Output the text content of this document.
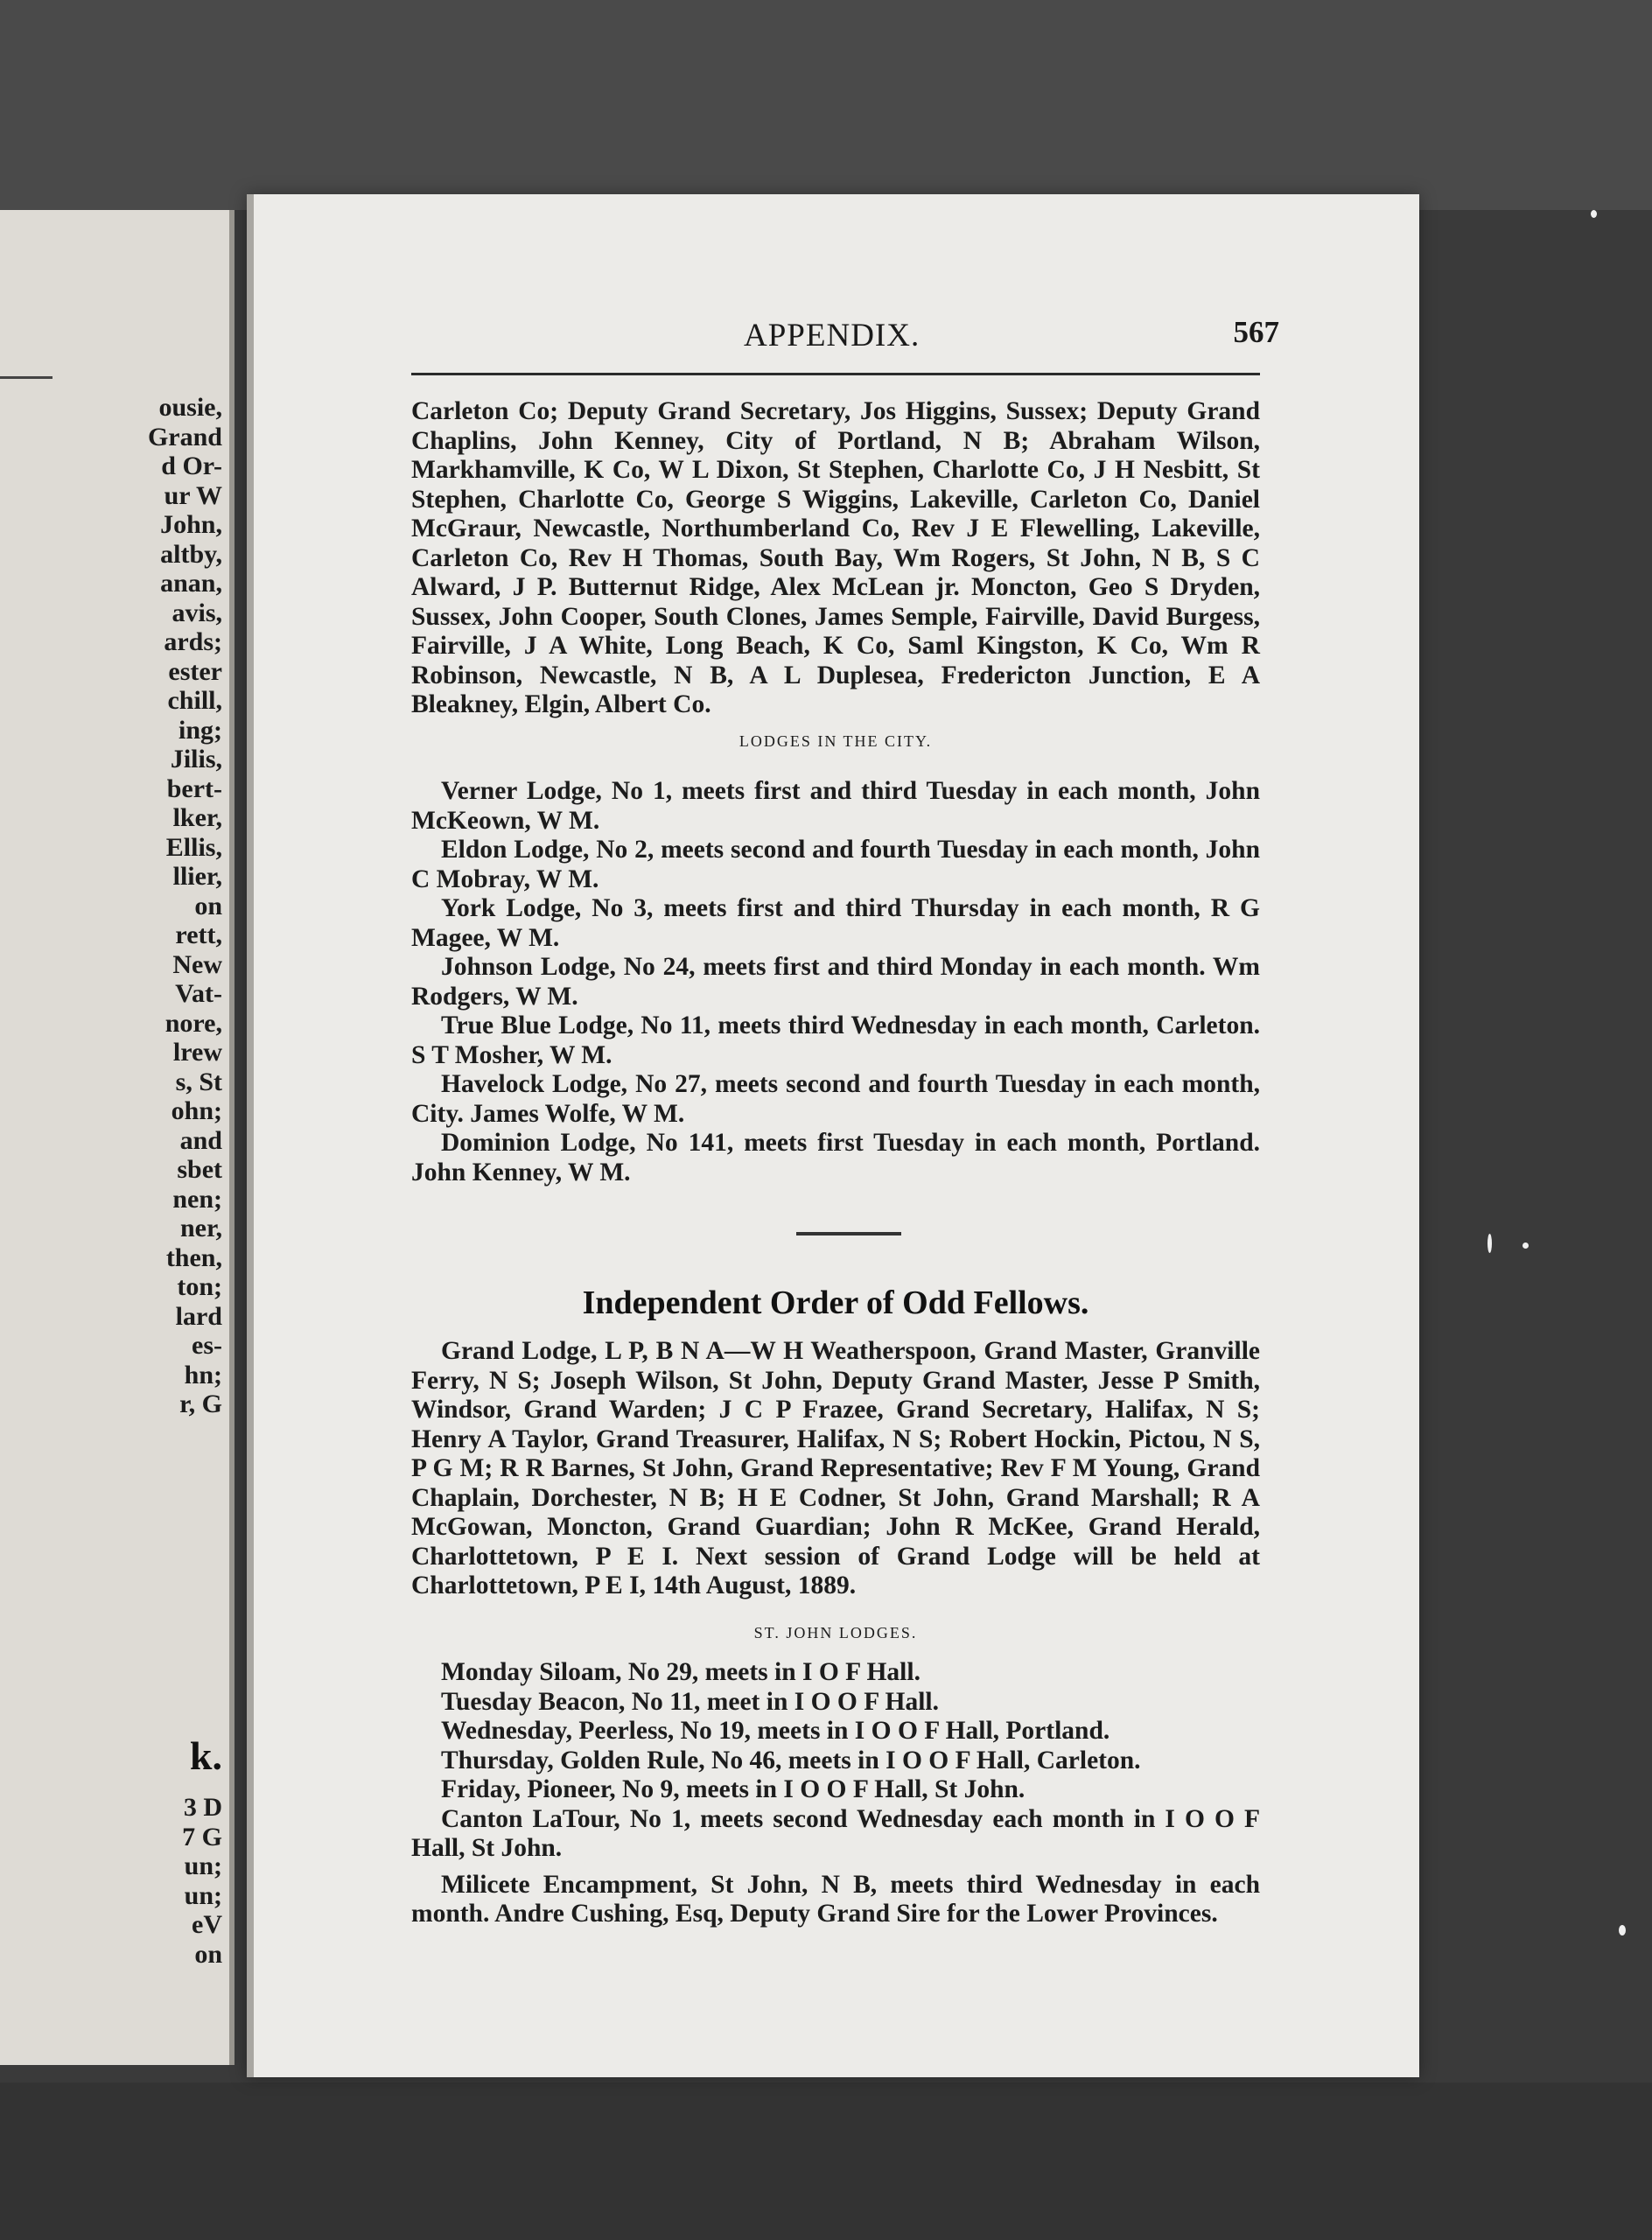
ousie,
Grand
d Or-
ur W
John,
altby,
anan,
avis,
ards;
ester
chill,
ing;
Jilis,
bert-
lker,
Ellis,
llier,
on
rett,
New
Vat-
nore,
lrew
s, St
ohn;
and
sbet
nen;
ner,
then,
ton;
lard
es-
hn;
r, G
3 D
7 G
un;
un;
eV
on
k.
APPENDIX.	567

Carleton Co; Deputy Grand Secretary, Jos Higgins, Sussex; Deputy Grand Chaplins, John Kenney, City of Portland, N B; Abraham Wilson, Markhamville, K Co, W L Dixon, St Stephen, Charlotte Co, J H Nesbitt, St Stephen, Charlotte Co, George S Wiggins, Lakeville, Carleton Co, Daniel McGraur, Newcastle, Northumberland Co, Rev J E Flewelling, Lakeville, Carleton Co, Rev H Thomas, South Bay, Wm Rogers, St John, N B, S C Alward, J P. Butternut Ridge, Alex McLean jr. Moncton, Geo S Dryden, Sussex, John Cooper, South Clones, James Semple, Fairville, David Burgess, Fairville, J A White, Long Beach, K Co, Saml Kingston, K Co, Wm R Robinson, Newcastle, N B, A L Duplesea, Fredericton Junction, E A Bleakney, Elgin, Albert Co.

LODGES IN THE CITY.

Verner Lodge, No 1, meets first and third Tuesday in each month, John McKeown, W M.

Eldon Lodge, No 2, meets second and fourth Tuesday in each month, John C Mobray, W M.

York Lodge, No 3, meets first and third Thursday in each month, R G Magee, W M.

Johnson Lodge, No 24, meets first and third Monday in each month. Wm Rodgers, W M.

True Blue Lodge, No 11, meets third Wednesday in each month, Carleton. S T Mosher, W M.

Havelock Lodge, No 27, meets second and fourth Tuesday in each month, City. James Wolfe, W M.

Dominion Lodge, No 141, meets first Tuesday in each month, Portland. John Kenney, W M.

Independent Order of Odd Fellows.

Grand Lodge, L P, B N A—W H Weatherspoon, Grand Master, Granville Ferry, N S; Joseph Wilson, St John, Deputy Grand Master, Jesse P Smith, Windsor, Grand Warden; J C P Frazee, Grand Secretary, Halifax, N S; Henry A Taylor, Grand Treasurer, Halifax, N S; Robert Hockin, Pictou, N S, P G M; R R Barnes, St John, Grand Representative; Rev F M Young, Grand Chaplain, Dorchester, N B; H E Codner, St John, Grand Marshall; R A McGowan, Moncton, Grand Guardian; John R McKee, Grand Herald, Charlottetown, P E I. Next session of Grand Lodge will be held at Charlottetown, P E I, 14th August, 1889.

ST. JOHN LODGES.

Monday Siloam, No 29, meets in I O F Hall.

Tuesday Beacon, No 11, meet in I O O F Hall.

Wednesday, Peerless, No 19, meets in I O O F Hall, Portland.

Thursday, Golden Rule, No 46, meets in I O O F Hall, Carleton.

Friday, Pioneer, No 9, meets in I O O F Hall, St John.

Canton LaTour, No 1, meets second Wednesday each month in I O O F Hall, St John.

Milicete Encampment, St John, N B, meets third Wednesday in each month. Andre Cushing, Esq, Deputy Grand Sire for the Lower Provinces.
